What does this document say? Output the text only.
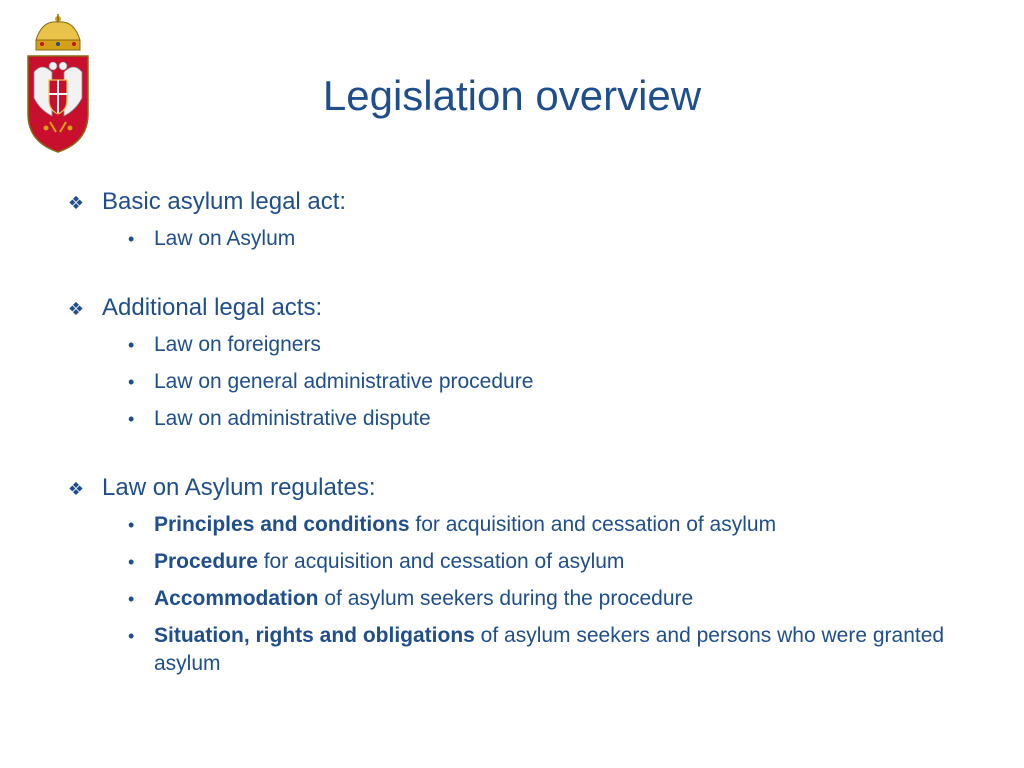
Legislation overview
❖ Basic asylum legal act:
• Law on Asylum
❖ Additional legal acts:
• Law on foreigners
• Law on general administrative procedure
• Law on administrative dispute
❖ Law on Asylum regulates:
• Principles and conditions for acquisition and cessation of asylum
• Procedure for acquisition and cessation of asylum
• Accommodation of asylum seekers during the procedure
• Situation, rights and obligations of asylum seekers and persons who were granted asylum
